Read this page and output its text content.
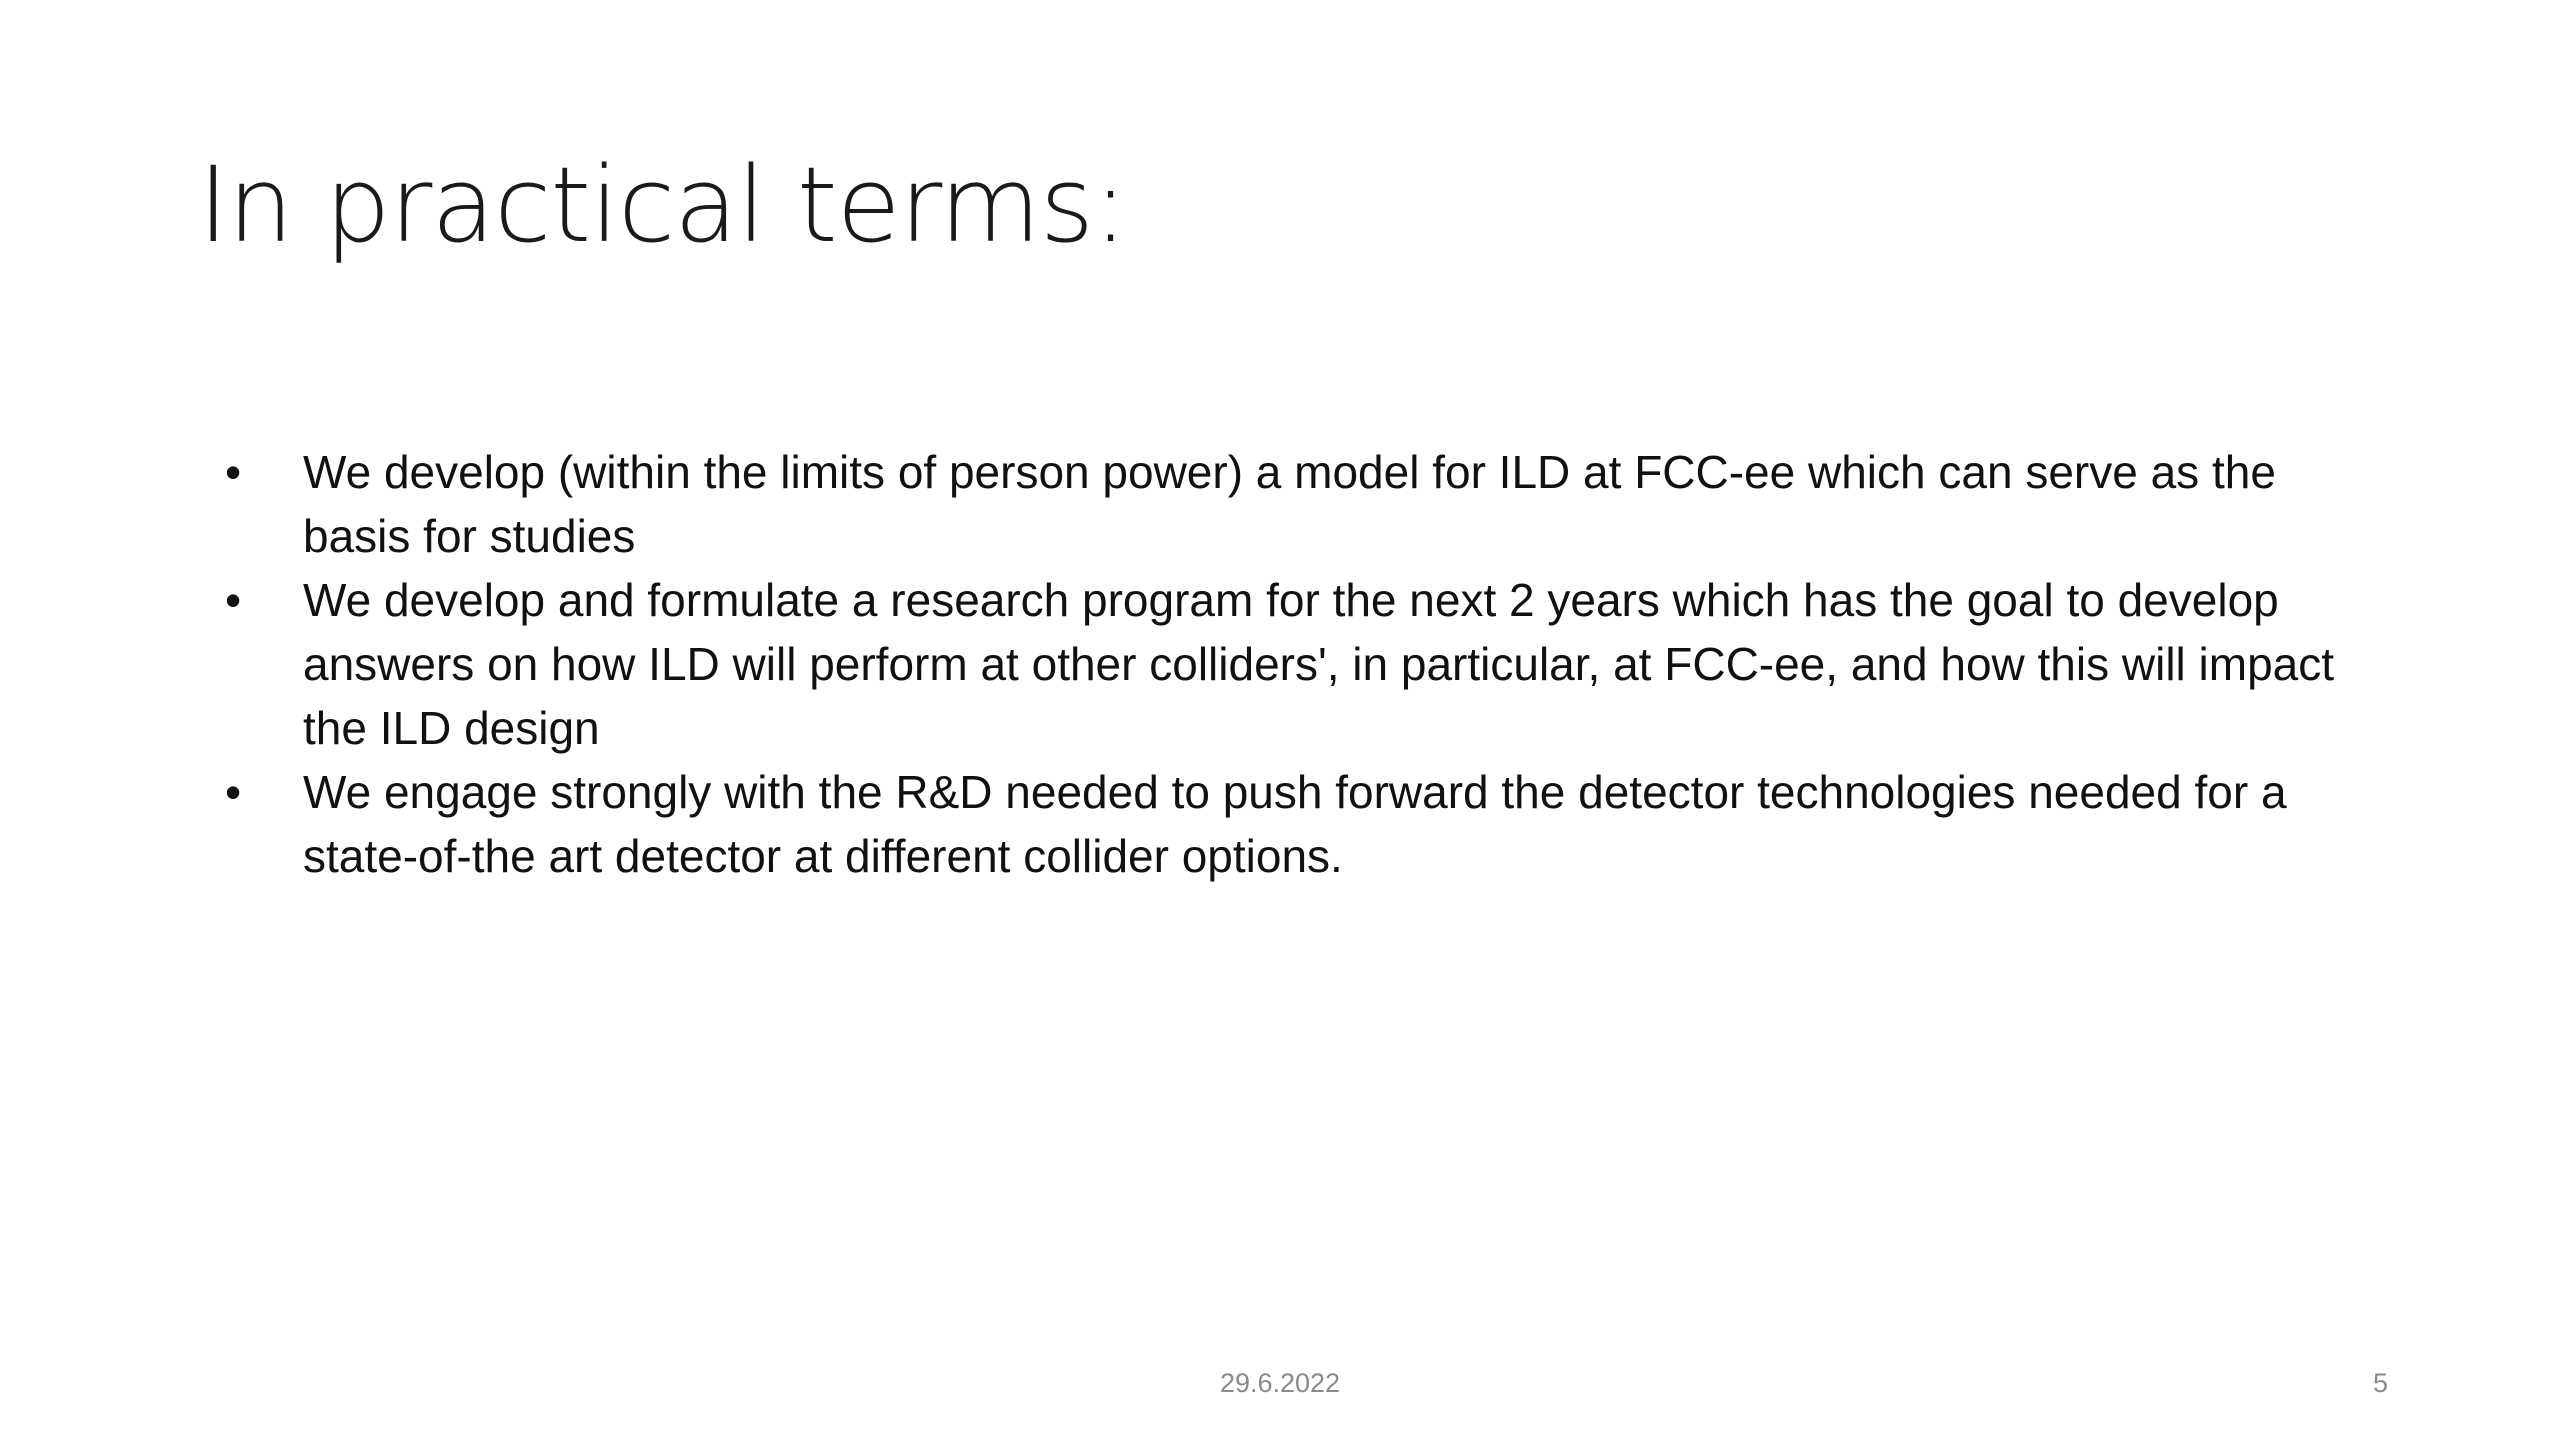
In practical terms:
•	We develop (within the limits of person power) a model for ILD at FCC-ee which can serve as the basis for studies
•	We develop and formulate a research program for the next 2 years which has the goal to develop answers on how ILD will perform at other colliders', in particular, at FCC-ee, and how this will impact the ILD design
•	We engage strongly with the R&D needed to push forward the detector technologies needed for a state-of-the art detector at different collider options.
29.6.2022	5
